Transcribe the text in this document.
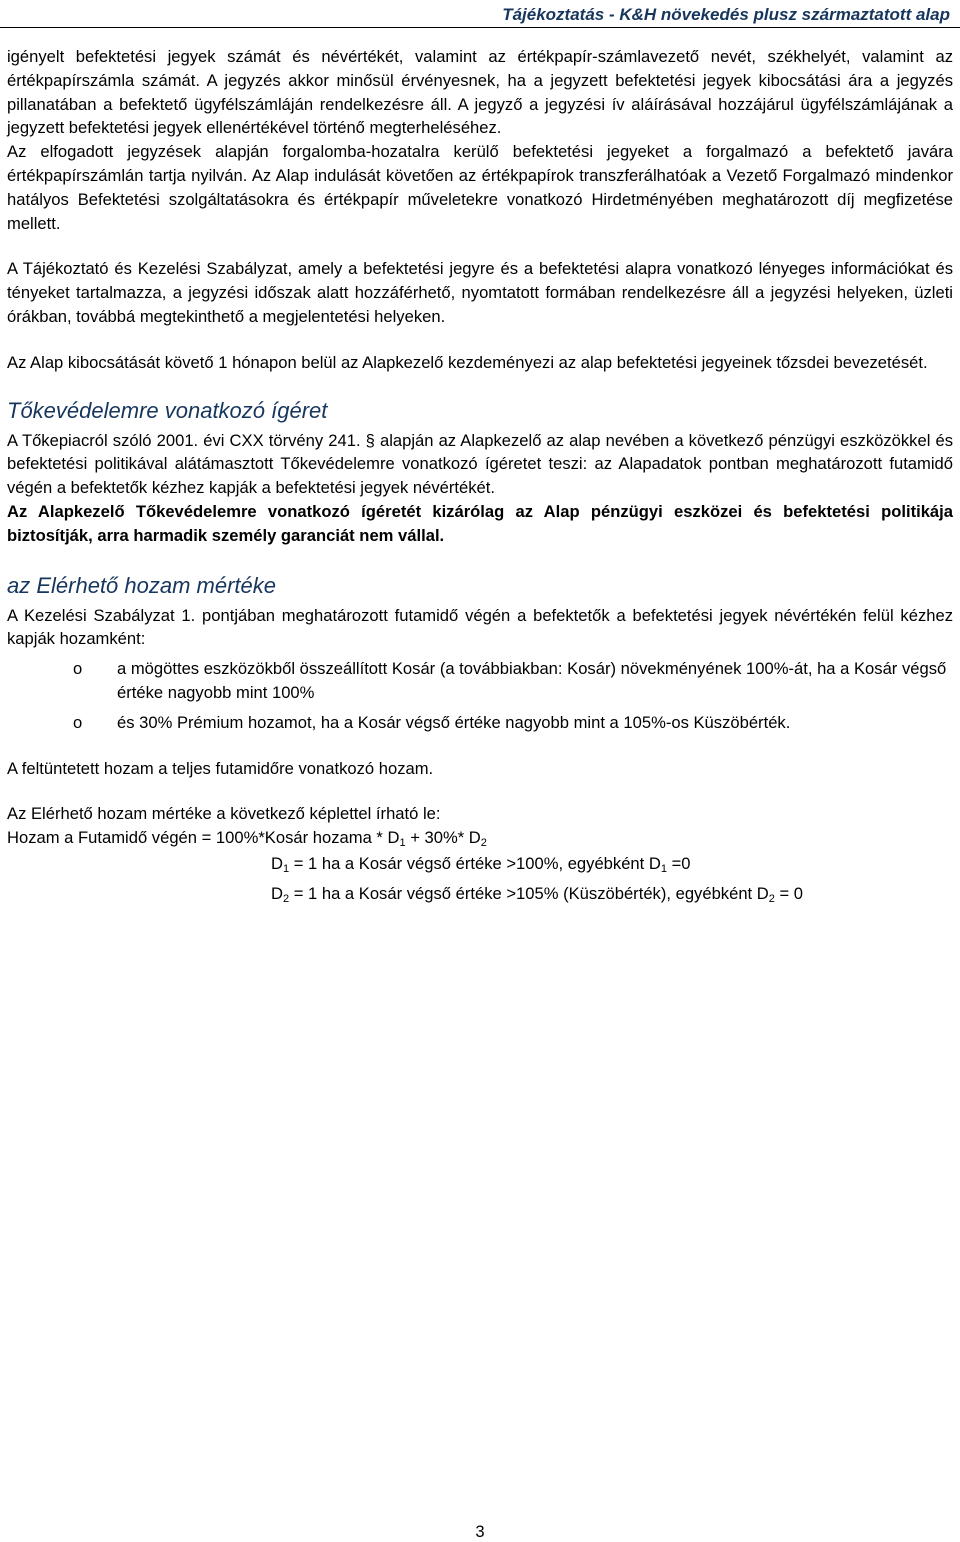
Tájékoztatás - K&H növekedés plusz származtatott alap

igényelt befektetési jegyek számát és névértékét, valamint az értékpapír-számlavezető nevét, székhelyét, valamint az értékpapírszámla számát. A jegyzés akkor minősül érvényesnek, ha a jegyzett befektetési jegyek kibocsátási ára a jegyzés pillanatában a befektető ügyfélszámláján rendelkezésre áll. A jegyző a jegyzési ív aláírásával hozzájárul ügyfélszámlájának a jegyzett befektetési jegyek ellenértékével történő megterheléséhez.

Az elfogadott jegyzések alapján forgalomba-hozatalra kerülő befektetési jegyeket a forgalmazó a befektető javára értékpapírszámlán tartja nyilván. Az Alap indulását követően az értékpapírok transzferálhatóak a Vezető Forgalmazó mindenkor hatályos Befektetési szolgáltatásokra és értékpapír műveletekre vonatkozó Hirdetményében meghatározott díj megfizetése mellett.

A Tájékoztató és Kezelési Szabályzat, amely a befektetési jegyre és a befektetési alapra vonatkozó lényeges információkat és tényeket tartalmazza, a jegyzési időszak alatt hozzáférhető, nyomtatott formában rendelkezésre áll a jegyzési helyeken, üzleti órákban, továbbá megtekinthető a megjelentetési helyeken.

Az Alap kibocsátását követő 1 hónapon belül az Alapkezelő kezdeményezi az alap befektetési jegyeinek tőzsdei bevezetését.

Tőkevédelemre vonatkozó ígéret

A Tőkepiacról szóló 2001. évi CXX törvény 241. § alapján az Alapkezelő az alap nevében a következő pénzügyi eszközökkel és befektetési politikával alátámasztott Tőkevédelemre vonatkozó ígéretet teszi: az Alapadatok pontban meghatározott futamidő végén a befektetők kézhez kapják a befektetési jegyek névértékét.

Az Alapkezelő Tőkevédelemre vonatkozó ígéretét kizárólag az Alap pénzügyi eszközei és befektetési politikája biztosítják, arra harmadik személy garanciát nem vállal.

az Elérhető hozam mértéke

A Kezelési Szabályzat 1. pontjában meghatározott futamidő végén a befektetők a befektetési jegyek névértékén felül kézhez kapják hozamként:

o	a mögöttes eszközökből összeállított Kosár (a továbbiakban: Kosár) növekményének 100%-át, ha a Kosár végső értéke nagyobb mint 100%
o	és 30% Prémium hozamot, ha a Kosár végső értéke nagyobb mint a 105%-os Küszöbérték.

A feltüntetett hozam a teljes futamidőre vonatkozó hozam.

Az Elérhető hozam mértéke a következő képlettel írható le:

Hozam a Futamidő végén = 100%*Kosár hozama * $D_1 + 30\%*$ $D_2$
$D_1 = 1$ ha a Kosár végső értéke >100%, egyébként $D_1 =0$
$D_2 = 1$ ha a Kosár végső értéke >105% (Küszöbérték), egyébként $D_2 = 0$
3
